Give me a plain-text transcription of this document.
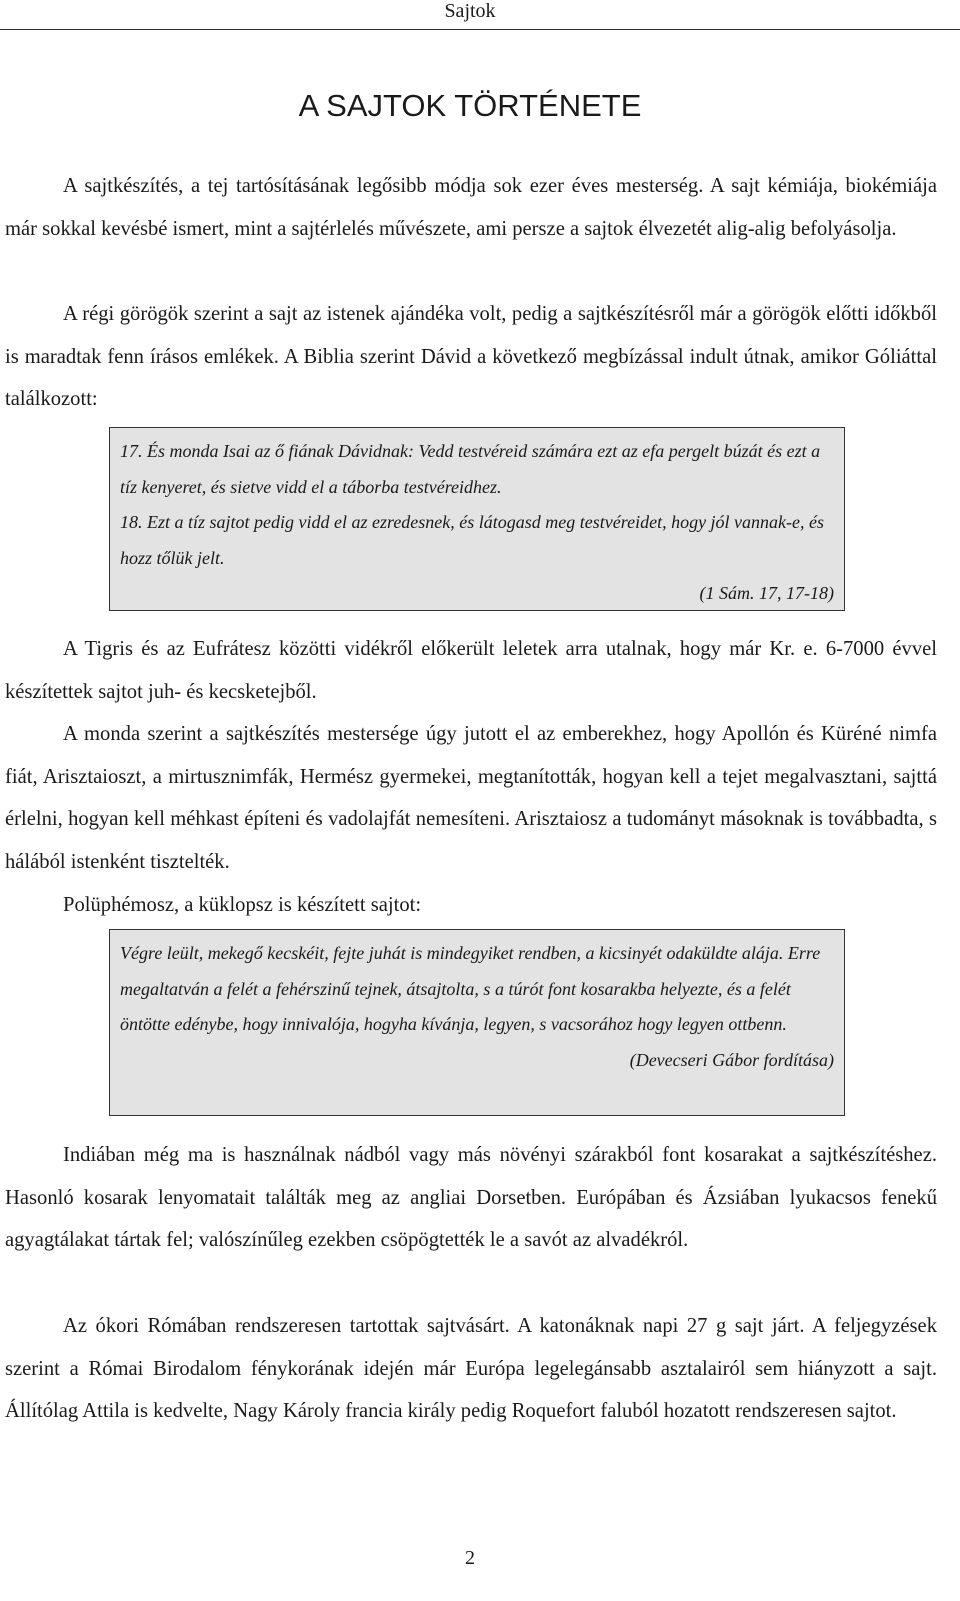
Sajtok
A SAJTOK TÖRTÉNETE

A sajtkészítés, a tej tartósításának legősibb módja sok ezer éves mesterség. A sajt kémiája, biokémiája már sokkal kevésbé ismert, mint a sajtérlelés művészete, ami persze a sajtok élvezetét alig-alig befolyásolja.

A régi görögök szerint a sajt az istenek ajándéka volt, pedig a sajtkészítésről már a görögök előtti időkből is maradtak fenn írásos emlékek. A Biblia szerint Dávid a következő megbízással indult útnak, amikor Góliáttal találkozott:

17. És monda Isai az ő fiának Dávidnak: Vedd testvéreid számára ezt az efa pergelt búzát és ezt a tíz kenyeret, és sietve vidd el a táborba testvéreidhez.

18. Ezt a tíz sajtot pedig vidd el az ezredesnek, és látogasd meg testvéreidet, hogy jól vannak-e, és hozz tőlük jelt.

(1 Sám. 17, 17-18)

A Tigris és az Eufrátesz közötti vidékről előkerült leletek arra utalnak, hogy már Kr. e. 6-7000 évvel készítettek sajtot juh- és kecsketejből.

A monda szerint a sajtkészítés mestersége úgy jutott el az emberekhez, hogy Apollón és Küréné nimfa fiát, Arisztaioszt, a mirtusznimfák, Hermész gyermekei, megtanították, hogyan kell a tejet megalvasztani, sajttá érlelni, hogyan kell méhkast építeni és vadolajfát nemesíteni. Arisztaiosz a tudományt másoknak is továbbadta, s hálából istenként tisztelték.

Polüphémosz, a küklopsz is készített sajtot:

Végre leült, mekegő kecskéit, fejte juhát is mindegyiket rendben, a kicsinyét odaküldte alája. Erre megaltatván a felét a fehérszinű tejnek, átsajtolta, s a túrót font kosarakba helyezte, és a felét öntötte edénybe, hogy innivalója, hogyha kívánja, legyen, s vacsorához hogy legyen ottbenn.

(Devecseri Gábor fordítása)

Indiában még ma is használnak nádból vagy más növényi szárakból font kosarakat a sajtkészítéshez. Hasonló kosarak lenyomatait találták meg az angliai Dorsetben. Európában és Ázsiában lyukacsos fenekű agyagtálakat tártak fel; valószínűleg ezekben csöpögtették le a savót az alvadékról.

Az ókori Rómában rendszeresen tartottak sajtvásárt. A katonáknak napi 27 g sajt járt. A feljegyzések szerint a Római Birodalom fénykorának idején már Európa legelegánsabb asztalairól sem hiányzott a sajt. Állítólag Attila is kedvelte, Nagy Károly francia király pedig Roquefort faluból hozatott rendszeresen sajtot.

2
